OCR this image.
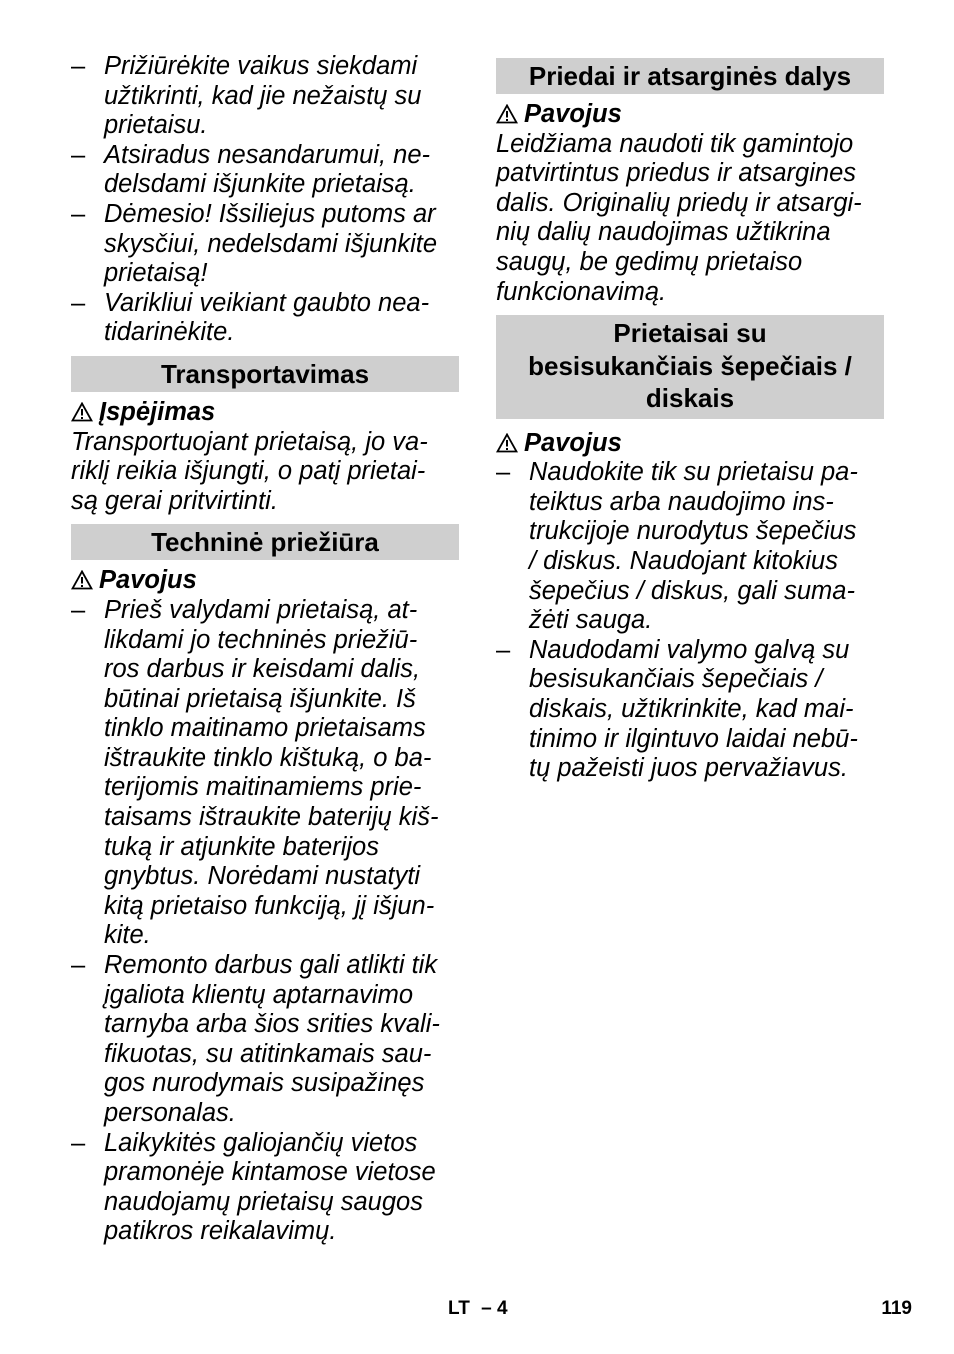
– Prižiūrėkite vaikus siekdami
užtikrinti, kad jie nežaistų su
prietaisu.
– Atsiradus nesandarumui, ne-
delsdami išjunkite prietaisą.
– Dėmesio! Išsiliejus putoms ar
skysčiui, nedelsdami išjunkite
prietaisą!
– Varikliui veikiant gaubto nea-
tidarinėkite.
Transportavimas
Įspėjimas

Transportuojant prietaisą, jo va-
riklį reikia išjungti, o patį prietai-
są gerai pritvirtinti.

Techninė priežiūra
Pavojus
– Prieš valydami prietaisą, at-
likdami jo techninės priežiū-
ros darbus ir keisdami dalis,
būtinai prietaisą išjunkite. Iš
tinklo maitinamo prietaisams
ištraukite tinklo kištuką, o ba-
terijomis maitinamiems prie-
taisams ištraukite baterijų kiš-
tuką ir atjunkite baterijos
gnybtus. Norėdami nustatyti
kitą prietaiso funkciją, jį išjun-
kite.
– Remonto darbus gali atlikti tik
įgaliota klientų aptarnavimo
tarnyba arba šios srities kvali-
fikuotas, su atitinkamais sau-
gos nurodymais susipažinęs
personalas.
– Laikykitės galiojančių vietos
pramonėje kintamose vietose
naudojamų prietaisų saugos
patikros reikalavimų.
Priedai ir atsarginės dalys
Pavojus

Leidžiama naudoti tik gamintojo
patvirtintus priedus ir atsargines
dalis. Originalių priedų ir atsargi-
nių dalių naudojimas užtikrina
saugų, be gedimų prietaiso
funkcionavimą.

Prietaisai su
besisukančiais šepečiais /
diskais
Pavojus
– Naudokite tik su prietaisu pa-
teiktus arba naudojimo ins-
trukcijoje nurodytus šepečius
/ diskus. Naudojant kitokius
šepečius / diskus, gali suma-
žėti sauga.
– Naudodami valymo galvą su
besisukančiais šepečiais /
diskais, užtikrinkite, kad mai-
tinimo ir ilgintuvo laidai nebū-
tų pažeisti juos pervažiavus.
LT – 4	119
